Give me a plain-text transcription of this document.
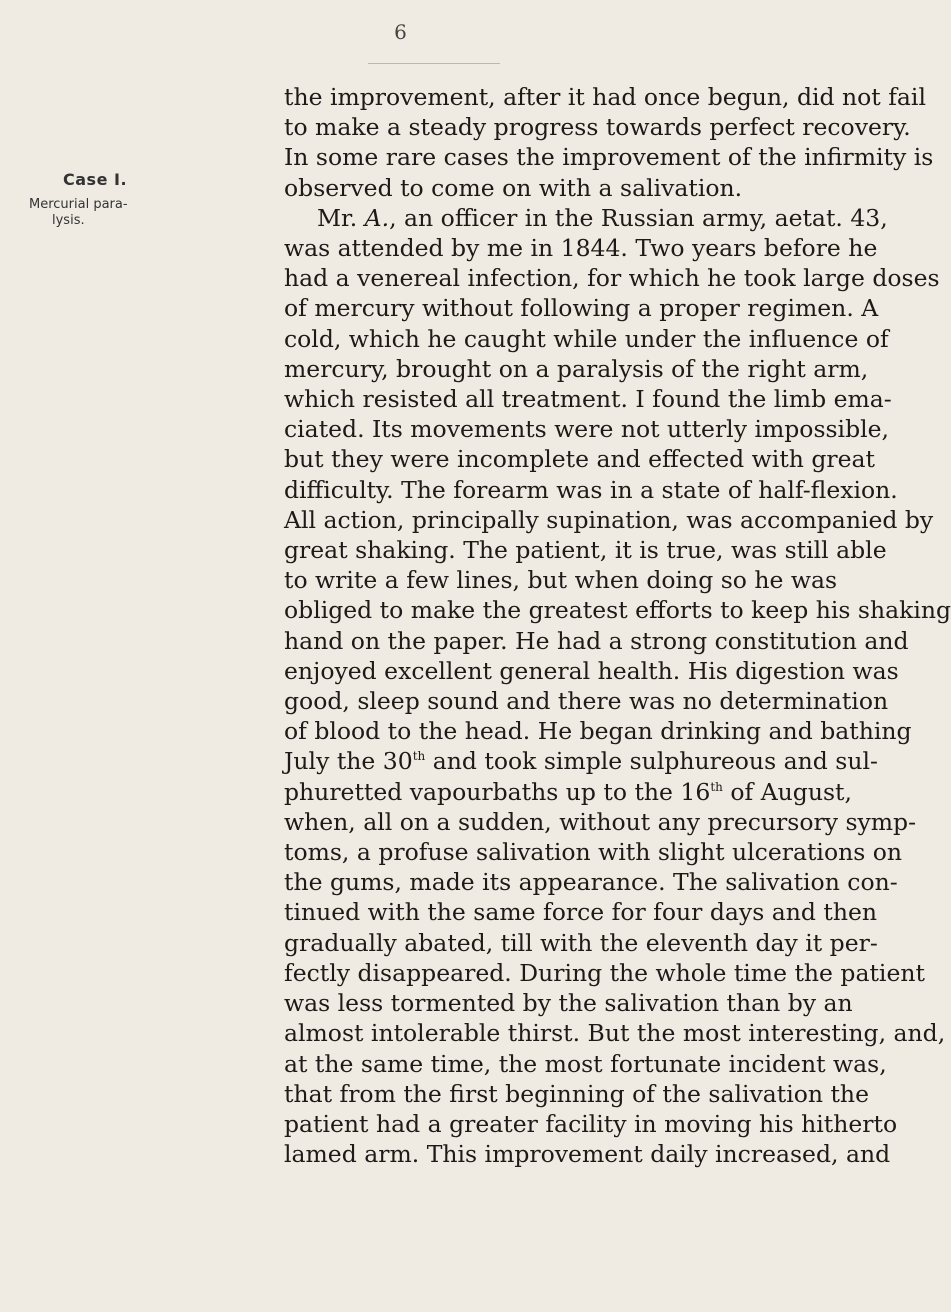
6
Case I.
Mercurial para-
lysis.
the improvement, after it had once begun, did not fail
to make a steady progress towards perfect recovery.
In some rare cases the improvement of the infirmity is
observed to come on with a salivation.
Mr. A., an officer in the Russian army, aetat. 43,
was attended by me in 1844. Two years before he
had a venereal infection, for which he took large doses
of mercury without following a proper regimen. A
cold, which he caught while under the influence of
mercury, brought on a paralysis of the right arm,
which resisted all treatment. I found the limb ema-
ciated. Its movements were not utterly impossible,
but they were incomplete and effected with great
difficulty. The forearm was in a state of half-flexion.
All action, principally supination, was accompanied by
great shaking. The patient, it is true, was still able
to write a few lines, but when doing so he was
obliged to make the greatest efforts to keep his shaking
hand on the paper. He had a strong constitution and
enjoyed excellent general health. His digestion was
good, sleep sound and there was no determination
of blood to the head. He began drinking and bathing
July the 30th and took simple sulphureous and sul-
phuretted vapourbaths up to the 16th of August,
when, all on a sudden, without any precursory symp-
toms, a profuse salivation with slight ulcerations on
the gums, made its appearance. The salivation con-
tinued with the same force for four days and then
gradually abated, till with the eleventh day it per-
fectly disappeared. During the whole time the patient
was less tormented by the salivation than by an
almost intolerable thirst. But the most interesting, and,
at the same time, the most fortunate incident was,
that from the first beginning of the salivation the
patient had a greater facility in moving his hitherto
lamed arm. This improvement daily increased, and
